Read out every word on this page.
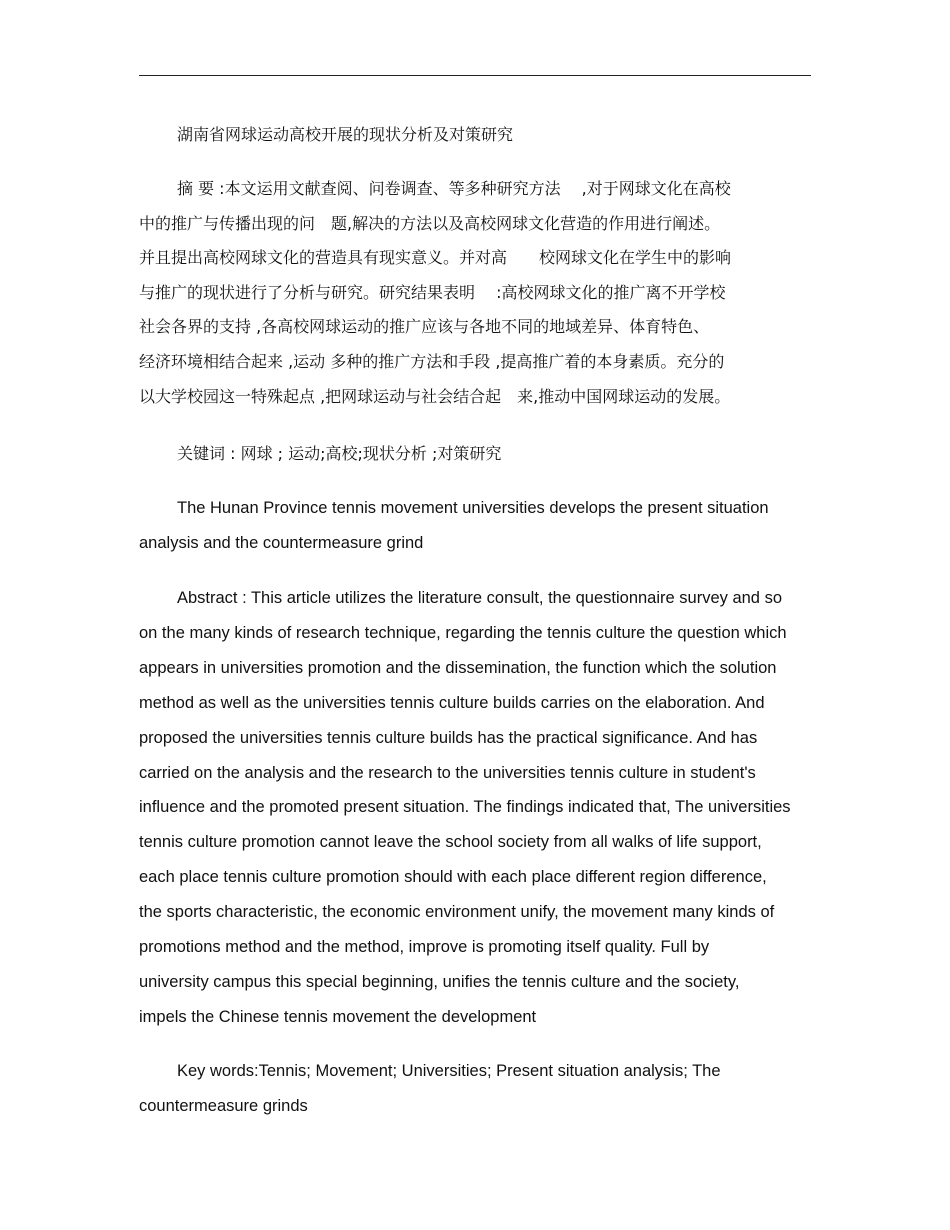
湖南省网球运动高校开展的现状分析及对策研究
摘 要 :本文运用文献查阅、问卷调查、等多种研究方法　 ,对于网球文化在高校
中的推广与传播出现的问　题,解决的方法以及高校网球文化营造的作用进行阐述。
并且提出高校网球文化的营造具有现实意义。并对高　　校网球文化在学生中的影响
与推广的现状进行了分析与研究。研究结果表明　 :高校网球文化的推广离不开学校
社会各界的支持 ,各高校网球运动的推广应该与各地不同的地域差异、体育特色、
经济环境相结合起来 ,运动 多种的推广方法和手段 ,提高推广着的本身素质。充分的
以大学校园这一特殊起点 ,把网球运动与社会结合起　来,推动中国网球运动的发展。
关键词 : 网球 ; 运动;高校;现状分析 ;对策研究
The Hunan Province tennis movement universities develops the present situation
analysis and the countermeasure grind
Abstract : This article utilizes the literature consult, the questionnaire survey and so
on the many kinds of research technique, regarding the tennis culture the question which
appears in universities promotion and the dissemination, the function which the solution
method as well as the universities tennis culture builds carries on the elaboration. And
proposed the universities tennis culture builds has the practical significance. And has
carried on the analysis and the research to the universities tennis culture in student's
influence and the promoted present situation. The findings indicated that, The universities
tennis culture promotion cannot leave the school society from all walks of life support,
each place tennis culture promotion should with each place different region difference,
the sports characteristic, the economic environment unify, the movement many kinds of
promotions method and the method, improve is promoting itself quality. Full by
university campus this special beginning, unifies the tennis culture and the society,
impels the Chinese tennis movement the development
Key words:Tennis; Movement; Universities; Present situation analysis; The
countermeasure grinds
